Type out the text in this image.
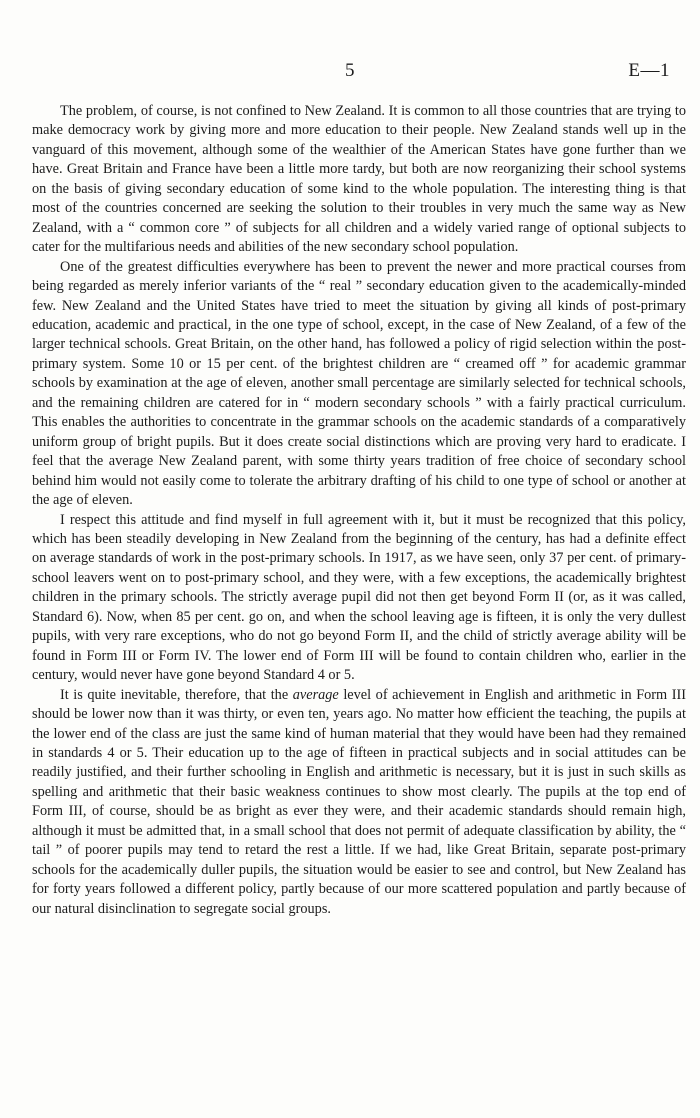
5	E—1

The problem, of course, is not confined to New Zealand. It is common to all those countries that are trying to make democracy work by giving more and more education to their people. New Zealand stands well up in the vanguard of this movement, although some of the wealthier of the American States have gone further than we have. Great Britain and France have been a little more tardy, but both are now reorganizing their school systems on the basis of giving secondary education of some kind to the whole population. The interesting thing is that most of the countries concerned are seeking the solution to their troubles in very much the same way as New Zealand, with a “ common core ” of subjects for all children and a widely varied range of optional subjects to cater for the multifarious needs and abilities of the new secondary school population.

One of the greatest difficulties everywhere has been to prevent the newer and more practical courses from being regarded as merely inferior variants of the “ real ” secondary education given to the academically-minded few. New Zealand and the United States have tried to meet the situation by giving all kinds of post-primary education, academic and practical, in the one type of school, except, in the case of New Zealand, of a few of the larger technical schools. Great Britain, on the other hand, has followed a policy of rigid selection within the post-primary system. Some 10 or 15 per cent. of the brightest children are “ creamed off ” for academic grammar schools by examination at the age of eleven, another small percentage are similarly selected for technical schools, and the remaining children are catered for in “ modern secondary schools ” with a fairly practical curriculum. This enables the authorities to concentrate in the grammar schools on the academic standards of a comparatively uniform group of bright pupils. But it does create social distinctions which are proving very hard to eradicate. I feel that the average New Zealand parent, with some thirty years tradition of free choice of secondary school behind him would not easily come to tolerate the arbitrary drafting of his child to one type of school or another at the age of eleven.

I respect this attitude and find myself in full agreement with it, but it must be recognized that this policy, which has been steadily developing in New Zealand from the beginning of the century, has had a definite effect on average standards of work in the post-primary schools. In 1917, as we have seen, only 37 per cent. of primary-school leavers went on to post-primary school, and they were, with a few exceptions, the academically brightest children in the primary schools. The strictly average pupil did not then get beyond Form II (or, as it was called, Standard 6). Now, when 85 per cent. go on, and when the school leaving age is fifteen, it is only the very dullest pupils, with very rare exceptions, who do not go beyond Form II, and the child of strictly average ability will be found in Form III or Form IV. The lower end of Form III will be found to contain children who, earlier in the century, would never have gone beyond Standard 4 or 5.

It is quite inevitable, therefore, that the average level of achievement in English and arithmetic in Form III should be lower now than it was thirty, or even ten, years ago. No matter how efficient the teaching, the pupils at the lower end of the class are just the same kind of human material that they would have been had they remained in standards 4 or 5. Their education up to the age of fifteen in practical subjects and in social attitudes can be readily justified, and their further schooling in English and arithmetic is necessary, but it is just in such skills as spelling and arithmetic that their basic weakness continues to show most clearly. The pupils at the top end of Form III, of course, should be as bright as ever they were, and their academic standards should remain high, although it must be admitted that, in a small school that does not permit of adequate classification by ability, the “ tail ” of poorer pupils may tend to retard the rest a little. If we had, like Great Britain, separate post-primary schools for the academically duller pupils, the situation would be easier to see and control, but New Zealand has for forty years followed a different policy, partly because of our more scattered population and partly because of our natural disinclination to segregate social groups.
